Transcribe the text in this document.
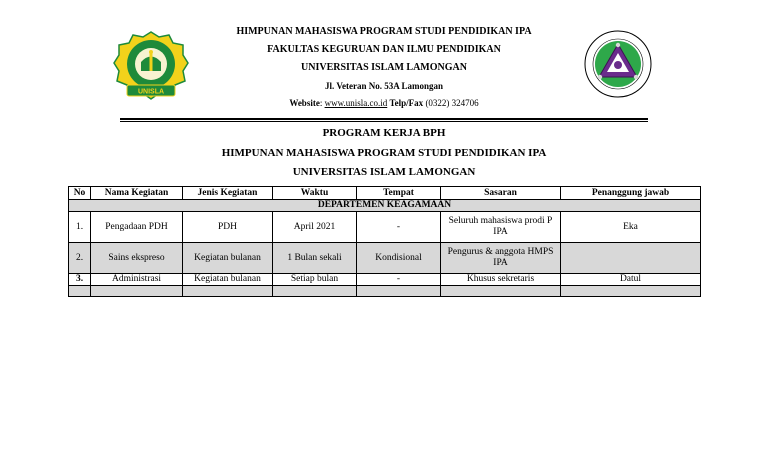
UNISLA
HIMPUNAN MAHASISWA PROGRAM STUDI PENDIDIKAN IPA
FAKULTAS KEGURUAN DAN ILMU PENDIDIKAN
UNIVERSITAS ISLAM LAMONGAN
Jl. Veteran No. 53A Lamongan
Website: www.unisla.co.id Telp/Fax (0322) 324706
PROGRAM KERJA BPH
HIMPUNAN MAHASISWA PROGRAM STUDI PENDIDIKAN IPA
UNIVERSITAS ISLAM LAMONGAN
No	Nama Kegiatan	Jenis Kegiatan	Waktu	Tempat	Sasaran	Penanggung jawab
DEPARTEMEN KEAGAMAAN						
1.	Pengadaan PDH	PDH	April 2021	-	Seluruh mahasiswa prodi P IPA	Eka
2.	Sains ekspreso	Kegiatan bulanan	1 Bulan sekali	Kondisional	Pengurus & anggota HMPS IPA	
3.	Administrasi	Kegiatan bulanan	Setiap bulan	-	Khusus sekretaris	Datul
